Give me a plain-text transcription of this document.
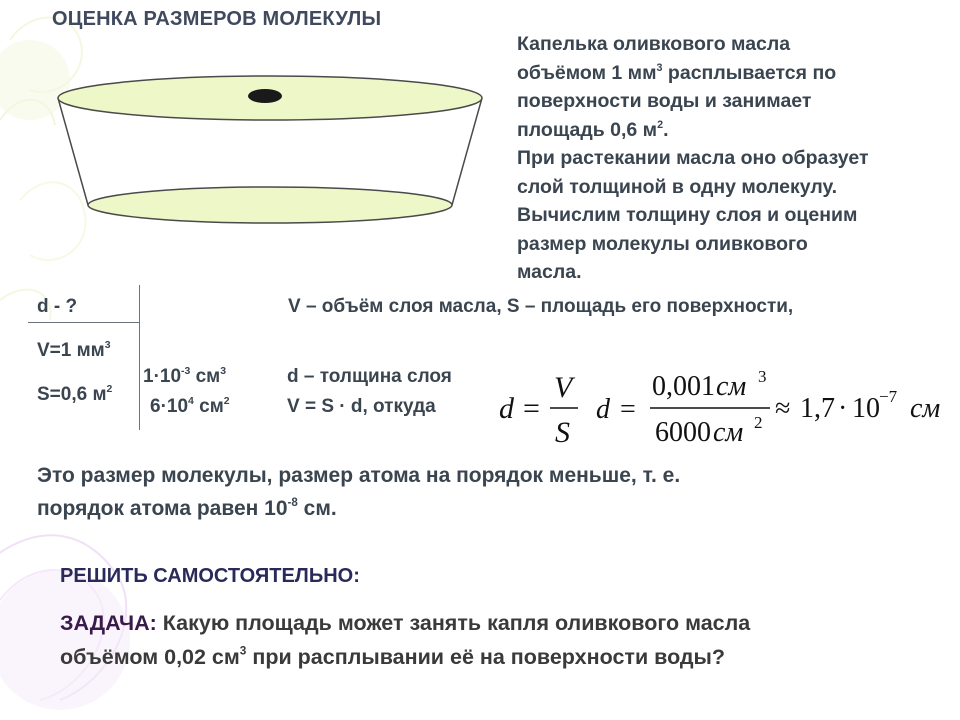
ОЦЕНКА РАЗМЕРОВ МОЛЕКУЛЫ
Капелька оливкового масла
объёмом 1 $мм^3$ расплывается по
поверхности воды и занимает
площадь 0,6 $м^2$.
При растекании масла оно образует
слой толщиной в одну молекулу.
Вычислим толщину слоя и оценим
размер молекулы оливкового
масла.
d - ?
V=1 $мм^3$
S=0,6 $м^2$
$1\cdot 10^{-3}$ $см^3$
$6\cdot 10^4$ $см^2$
V – объём слоя масла, S – площадь его поверхности,
d – толщина слоя
V = S · d, откуда d =
V
S
d =
0,001 см 3
6000 см 2 ≈ 1,7 · 10 −7 см
Это размер молекулы, размер атома на порядок меньше, т. е.
порядок атома равен $10^{-8}$ см.
РЕШИТЬ САМОСТОЯТЕЛЬНО:
ЗАДАЧА: Какую площадь может занять капля оливкового масла
объёмом 0,02 $см^3$ при расплывании её на поверхности воды?
